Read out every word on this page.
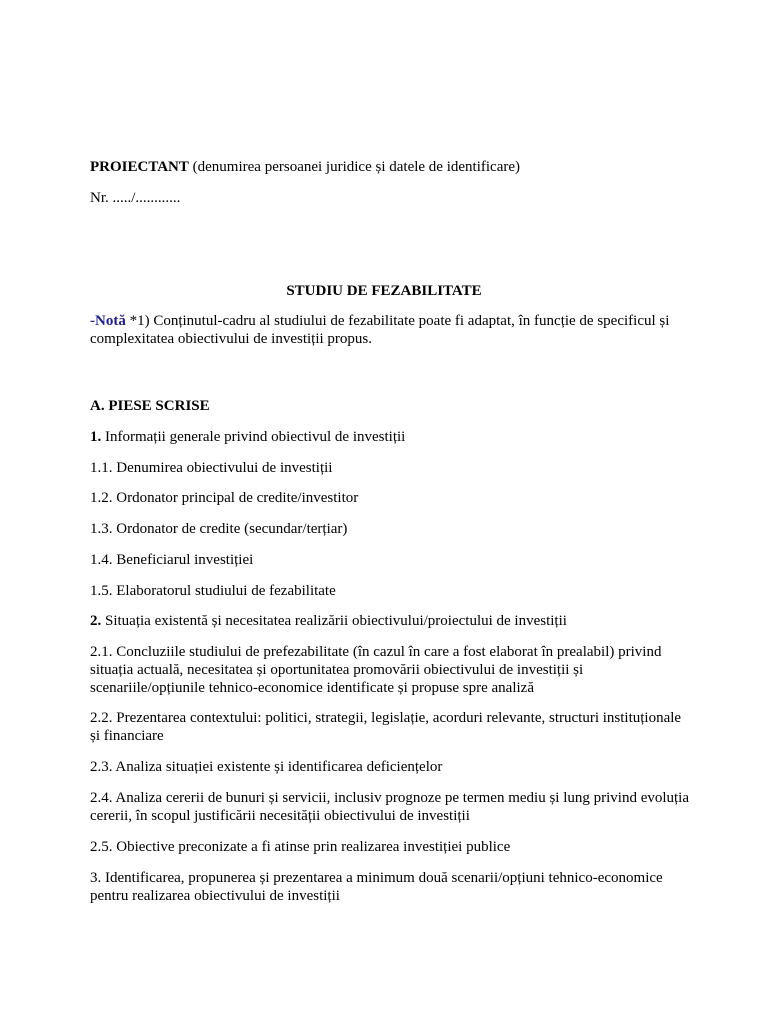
PROIECTANT (denumirea persoanei juridice și datele de identificare)

Nr. ...../............

STUDIU DE FEZABILITATE

-Notă *1) Conținutul-cadru al studiului de fezabilitate poate fi adaptat, în funcție de specificul și complexitatea obiectivului de investiții propus.

A. PIESE SCRISE

1. Informații generale privind obiectivul de investiții

1.1. Denumirea obiectivului de investiții

1.2. Ordonator principal de credite/investitor

1.3. Ordonator de credite (secundar/terțiar)

1.4. Beneficiarul investiției

1.5. Elaboratorul studiului de fezabilitate

2. Situația existentă și necesitatea realizării obiectivului/proiectului de investiții

2.1. Concluziile studiului de prefezabilitate (în cazul în care a fost elaborat în prealabil) privind situația actuală, necesitatea și oportunitatea promovării obiectivului de investiții și scenariile/opțiunile tehnico-economice identificate și propuse spre analiză

2.2. Prezentarea contextului: politici, strategii, legislație, acorduri relevante, structuri instituționale și financiare

2.3. Analiza situației existente și identificarea deficiențelor

2.4. Analiza cererii de bunuri și servicii, inclusiv prognoze pe termen mediu și lung privind evoluția cererii, în scopul justificării necesității obiectivului de investiții

2.5. Obiective preconizate a fi atinse prin realizarea investiției publice

3. Identificarea, propunerea și prezentarea a minimum două scenarii/opțiuni tehnico-economice pentru realizarea obiectivului de investiții
